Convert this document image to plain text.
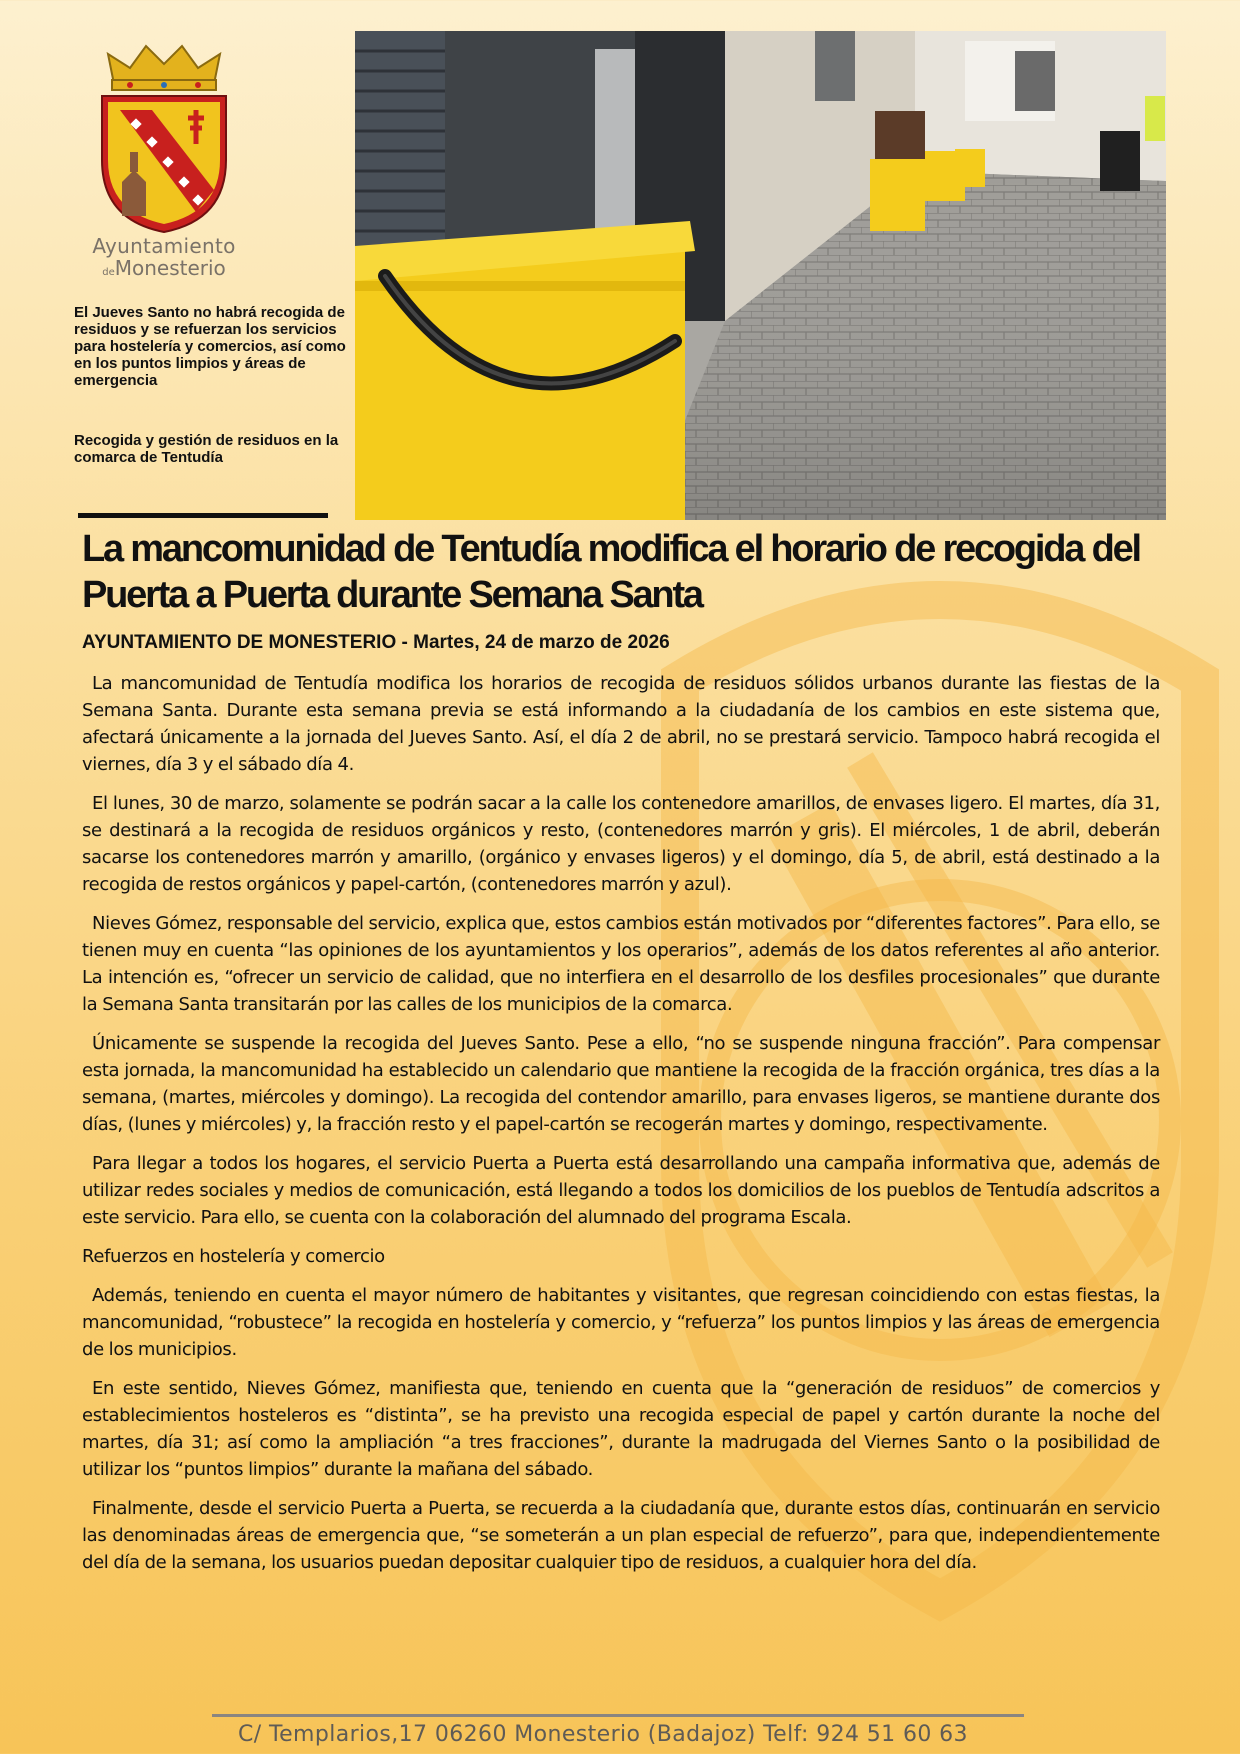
Ayuntamiento
deMonesterio
El Jueves Santo no habrá recogida de residuos y se refuerzan los servicios para hostelería y comercios, así como en los puntos limpios y áreas de emergencia
Recogida y gestión de residuos en la comarca de Tentudía
La mancomunidad de Tentudía modifica el horario de recogida del Puerta a Puerta durante Semana Santa

AYUNTAMIENTO DE MONESTERIO - Martes, 24 de marzo de 2026

La mancomunidad de Tentudía modifica los horarios de recogida de residuos sólidos urbanos durante las fiestas de la Semana Santa. Durante esta semana previa se está informando a la ciudadanía de los cambios en este sistema que, afectará únicamente a la jornada del Jueves Santo. Así, el día 2 de abril, no se prestará servicio. Tampoco habrá recogida el viernes, día 3 y el sábado día 4.

El lunes, 30 de marzo, solamente se podrán sacar a la calle los contenedore amarillos, de envases ligero. El martes, día 31, se destinará a la recogida de residuos orgánicos y resto, (contenedores marrón y gris). El miércoles, 1 de abril, deberán sacarse los contenedores marrón y amarillo, (orgánico y envases ligeros) y el domingo, día 5, de abril, está destinado a la recogida de restos orgánicos y papel-cartón, (contenedores marrón y azul).

Nieves Gómez, responsable del servicio, explica que, estos cambios están motivados por “diferentes factores”. Para ello, se tienen muy en cuenta “las opiniones de los ayuntamientos y los operarios”, además de los datos referentes al año anterior. La intención es, “ofrecer un servicio de calidad, que no interfiera en el desarrollo de los desfiles procesionales” que durante la Semana Santa transitarán por las calles de los municipios de la comarca.

Únicamente se suspende la recogida del Jueves Santo. Pese a ello, “no se suspende ninguna fracción”. Para compensar esta jornada, la mancomunidad ha establecido un calendario que mantiene la recogida de la fracción orgánica, tres días a la semana, (martes, miércoles y domingo). La recogida del contendor amarillo, para envases ligeros, se mantiene durante dos días, (lunes y miércoles) y, la fracción resto y el papel-cartón se recogerán martes y domingo, respectivamente.

Para llegar a todos los hogares, el servicio Puerta a Puerta está desarrollando una campaña informativa que, además de utilizar redes sociales y medios de comunicación, está llegando a todos los domicilios de los pueblos de Tentudía adscritos a este servicio. Para ello, se cuenta con la colaboración del alumnado del programa Escala.

Refuerzos en hostelería y comercio

Además, teniendo en cuenta el mayor número de habitantes y visitantes, que regresan coincidiendo con estas fiestas, la mancomunidad, “robustece” la recogida en hostelería y comercio, y “refuerza” los puntos limpios y las áreas de emergencia de los municipios.

En este sentido, Nieves Gómez, manifiesta que, teniendo en cuenta que la “generación de residuos” de comercios y establecimientos hosteleros es “distinta”, se ha previsto una recogida especial de papel y cartón durante la noche del martes, día 31; así como la ampliación “a tres fracciones”, durante la madrugada del Viernes Santo o la posibilidad de utilizar los “puntos limpios” durante la mañana del sábado.

Finalmente, desde el servicio Puerta a Puerta, se recuerda a la ciudadanía que, durante estos días, continuarán en servicio las denominadas áreas de emergencia que, “se someterán a un plan especial de refuerzo”, para que, independientemente del día de la semana, los usuarios puedan depositar cualquier tipo de residuos, a cualquier hora del día.

C/ Templarios,17 06260 Monesterio (Badajoz) Telf: 924 51 60 63
